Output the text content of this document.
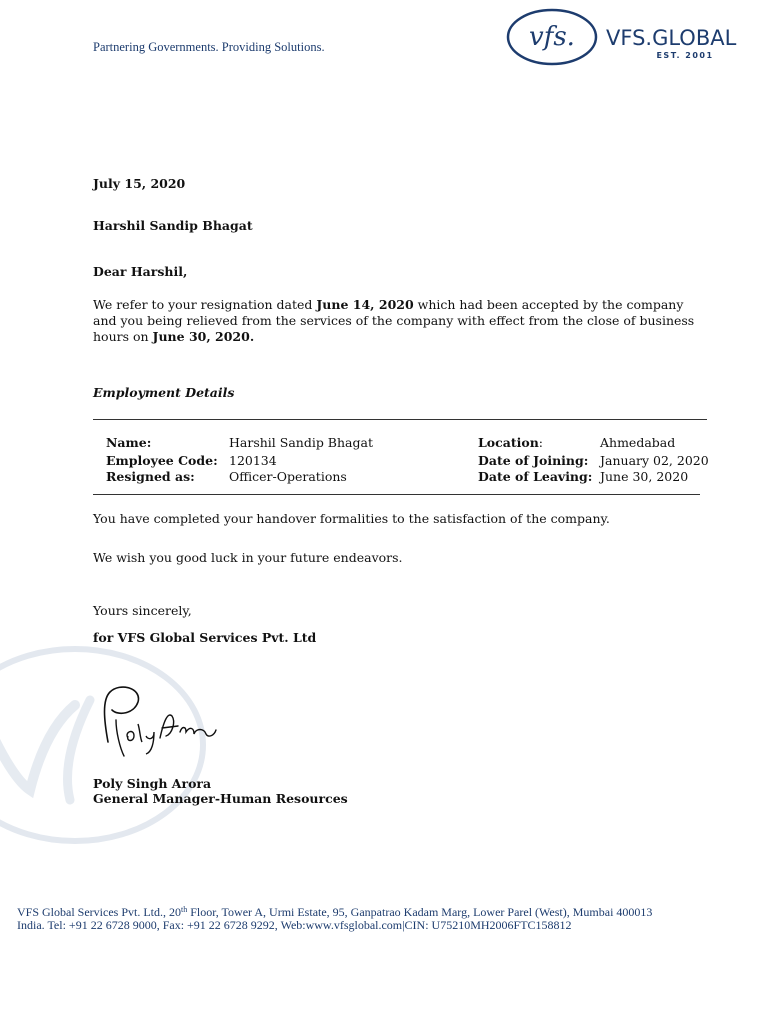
Partnering Governments. Providing Solutions.	vfs. VFS.GLOBAL
EST. 2001
July 15, 2020
Harshil Sandip Bhagat
Dear Harshil,
We refer to your resignation dated June 14, 2020 which had been accepted by the company and you being relieved from the services of the company with effect from the close of business hours on June 30, 2020.
Employment Details
Name:	Harshil Sandip Bhagat	Location:	Ahmedabad
Employee Code: 120134	Date of Joining: January 02, 2020
Resigned as:	Officer-Operations	Date of Leaving: June 30, 2020
You have completed your handover formalities to the satisfaction of the company.
We wish you good luck in your future endeavors.
Yours sincerely,
for VFS Global Services Pvt. Ltd
Poly Singh Arora
General Manager-Human Resources
VFS Global Services Pvt. Ltd., 20th Floor, Tower A, Urmi Estate, 95, Ganpatrao Kadam Marg, Lower Parel (West), Mumbai 400013
India. Tel: +91 22 6728 9000, Fax: +91 22 6728 9292, Web:www.vfsglobal.com|CIN: U75210MH2006FTC158812
